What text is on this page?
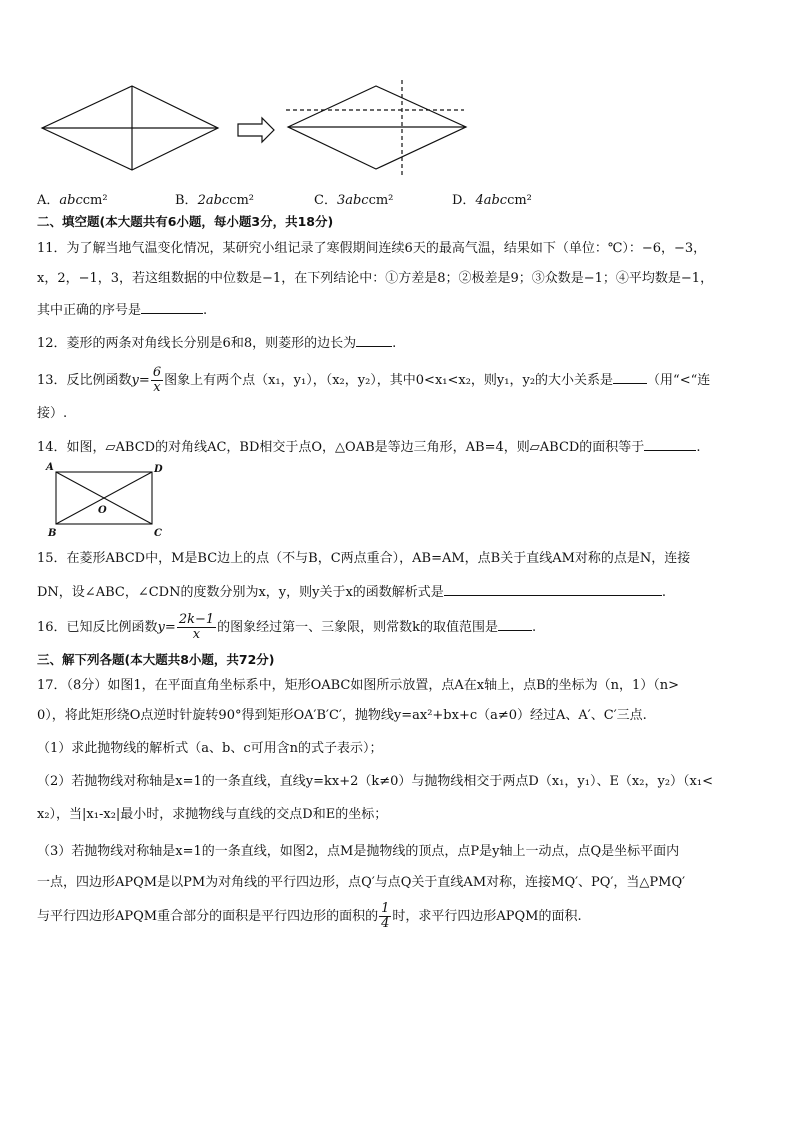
A．abccm²	B．2abccm²	C．3abccm²	D．4abccm²
二、填空题(本大题共有6小题，每小题3分，共18分)
11．为了解当地气温变化情况，某研究小组记录了寒假期间连续6天的最高气温，结果如下（单位：℃）：−6，−3，
x，2，−1，3，若这组数据的中位数是−1，在下列结论中：①方差是8；②极差是9；③众数是−1；④平均数是−1，
其中正确的序号是	.
12．菱形的两条对角线长分别是6和8，则菱形的边长为	.
13．反比例函数$y= \frac{6}{x}$ 图象上有两个点（x₁，y₁），（x₂，y₂），其中0<x₁<x₂，则y₁，y₂的大小关系是	（用“<“连
接）.
14．如图，▱ABCD的对角线AC，BD相交于点O，△OAB是等边三角形，AB=4，则▱ABCD的面积等于	.
A	D
B	C
O
15．在菱形ABCD中，M是BC边上的点（不与B，C两点重合），AB=AM，点B关于直线AM对称的点是N，连接
DN，设∠ABC，∠CDN的度数分别为x，y，则y关于x的函数解析式是	.
16．已知反比例函数$y= \frac{2k-1}{x}$ 的图象经过第一、三象限，则常数k的取值范围是	.
三、解下列各题(本大题共8小题，共72分)
17．（8分）如图1，在平面直角坐标系中，矩形OABC如图所示放置，点A在x轴上，点B的坐标为（n，1）（n>
0），将此矩形绕O点逆时针旋转90°得到矩形OA′B′C′，抛物线y=ax²+bx+c（a≠0）经过A、A′、C′三点.
（1）求此抛物线的解析式（a、b、c可用含n的式子表示）；
（2）若抛物线对称轴是x=1的一条直线，直线y=kx+2（k≠0）与抛物线相交于两点D（x₁，y₁）、E（x₂，y₂）（x₁<
x₂），当|x₁-x₂|最小时，求抛物线与直线的交点D和E的坐标；
（3）若抛物线对称轴是x=1的一条直线，如图2，点M是抛物线的顶点，点P是y轴上一动点，点Q是坐标平面内
一点，四边形APQM是以PM为对角线的平行四边形，点Q′与点Q关于直线AM对称，连接MQ′、PQ′，当△PMQ′
与平行四边形APQM重合部分的面积是平行四边形的面积的 $\frac{1}{4}$ 时，求平行四边形APQM的面积.
